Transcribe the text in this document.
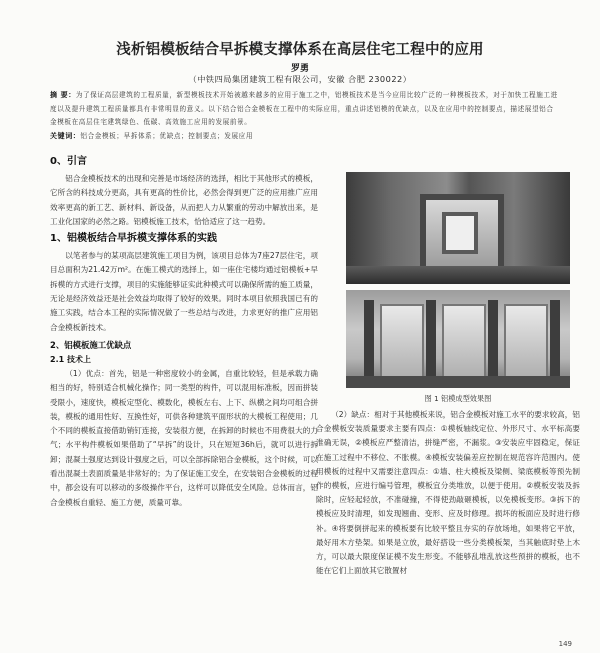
浅析铝模板结合早拆模支撑体系在高层住宅工程中的应用
罗勇
（中铁四局集团建筑工程有限公司，安徽 合肥 230022）
摘 要：为了保证高层建筑的工程质量，新型模板技术开始被越来越多的应用于施工之中，铝模板技术是当今应用比较广泛的一种模板技术，对于加快工程施工进度以及提升建筑工程质量都具有非常明显的意义。以下结合铝合金模板在工程中的实际应用，重点讲述铝模的优缺点，以及在应用中的控制要点，描述展望铝合金模板在高层住宅建筑绿色、低碳、高效施工应用的发展前景。
关键词：铝合金模板；早拆体系；优缺点；控制要点；发展应用
0、引言

铝合金模板技术的出现和完善是市场经济的选择，相比于其他形式的模板，它所含的科技成分更高，具有更高的性价比，必然会得到更广泛的应用推广应用效率更高的新工艺、新材料、新设备，从而把人力从繁重的劳动中解放出来，是工业化国家的必然之路。铝模板施工技术，恰恰适应了这一趋势。

1、铝模板结合早拆模支撑体系的实践

以笔者参与的某项高层建筑施工项目为例，该项目总体为7座27层住宅，项目总面积为21.42万m²。在施工模式的选择上，如一座住宅楼均通过铝模板+早拆模的方式进行支撑，项目的实施能够证实此种模式可以确保所需的施工质量，无论是经济效益还是社会效益均取得了较好的效果。同时本项目依照我国已有的施工实践，结合本工程的实际情况做了一些总结与改进，力求更好的推广应用铝合金模板新技术。

2、铝模板施工优缺点
2.1 技术上

（1）优点：首先，铝是一种密度较小的金属，自重比较轻，但是承载力确相当的好，特别适合机械化操作；同一类型的构件，可以混用标准板，因而拼装受限小，速度快，模板定型化、模数化，模板左右、上下、纵横之间均可组合拼装，模板的通用性好、互换性好，可供各种建筑平面形状的大模板工程使用；几个不同的模板直接借助销钉连接，安装很方便，在拆卸的时候也不用费很大的力气；水平构件模板如果借助了“早拆”的设计，只在短短36h后，就可以进行拆卸；混凝土强度达到设计强度之后，可以全部拆除铝合金模板，这个时候，可以看出混凝土表面质量是非常好的；为了保证施工安全，在安装铝合金模板的过程中，都会设有可以移动的多级操作平台，这样可以降低安全风险。总体而言，铝合金模板自重轻、施工方便，质量可靠。

图 1 铝模成型效果图

（2）缺点：相对于其他模板来说，铝合金模板对施工水平的要求较高，铝合金模板安装质量要求主要有四点：①模板轴线定位、外形尺寸、水平标高要准确无误，②模板应严整清洁，拼缝严密，不漏浆。③安装应牢固稳定，保证在施工过程中不移位、不胀模。④模板安装偏差应控制在规范容许范围内。使用模板的过程中又需要注意四点：①墙、柱大模板及梁侧、梁底模板等预先制作的模板，应进行编号管理，模板宜分类堆放，以便于使用。②模板安装及拆除时，应轻起轻放，不准碰撞，不得使劲敲砸模板，以免模板变形。③拆下的模板应及时清理，如发现翘曲、变形、应及时修理。损坏的板面应及时进行修补。④将要倒拼起来的模板要有比较平整且夯实的存放场地，如果将它平放，最好用木方垫架。如果是立放，最好搭设一些分类模板架，当其触底时垫上木方，可以最大限度保证模不发生形变。不能够乱堆乱放这些预拼的模板，也不能在它们上面放其它散置材

149
